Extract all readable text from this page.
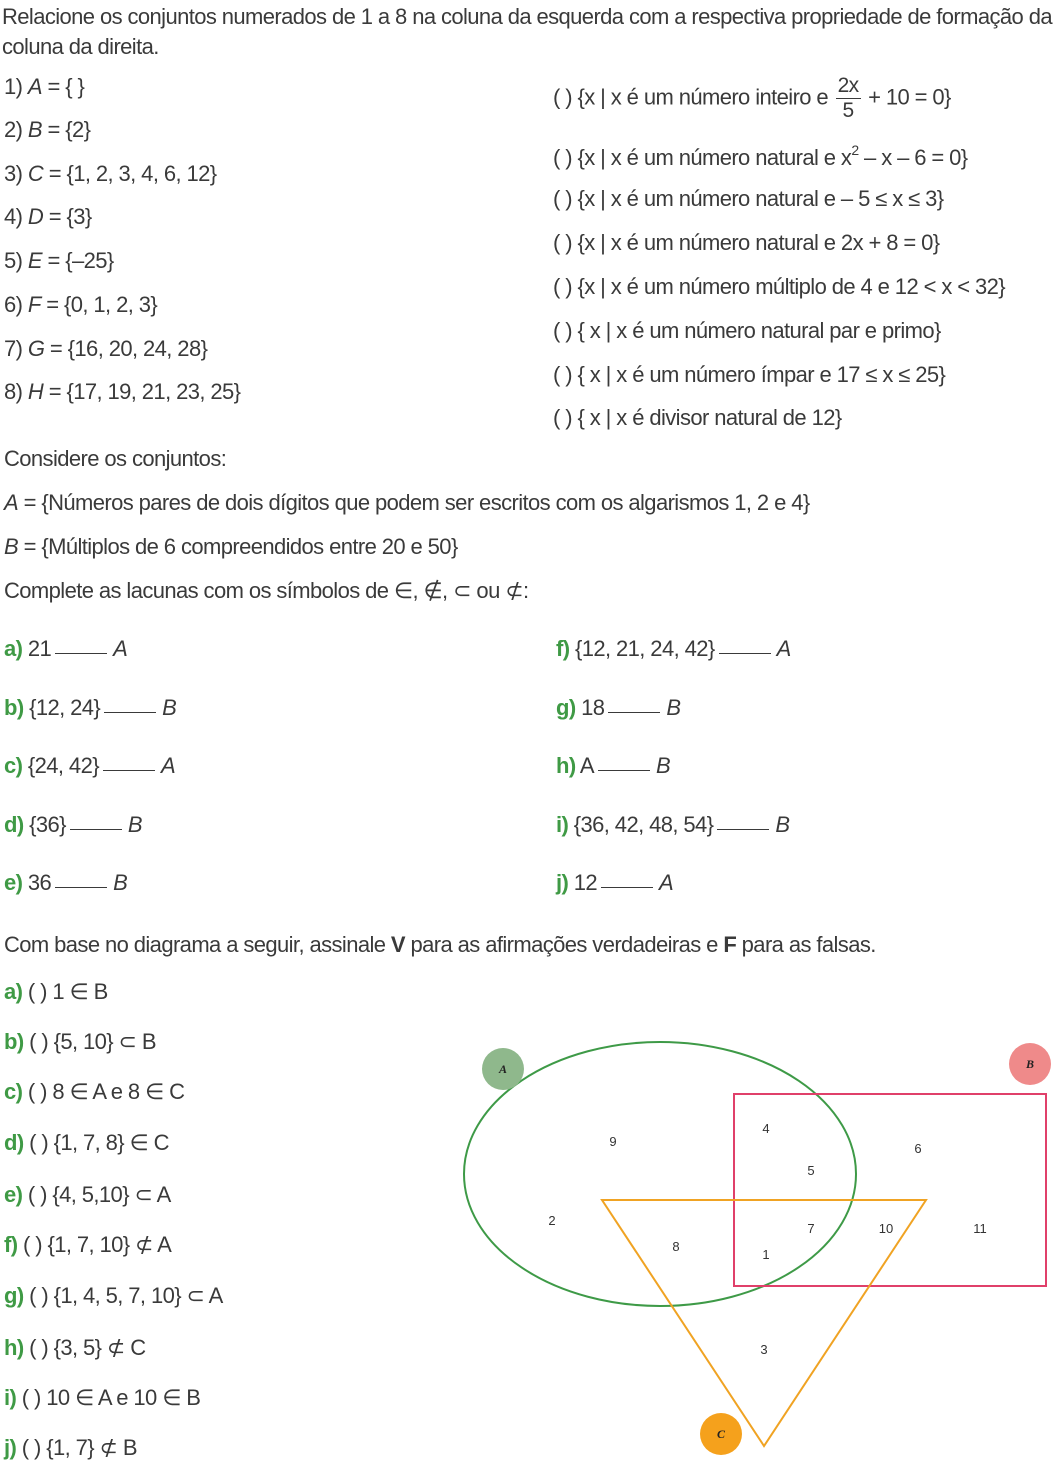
Relacione os conjuntos numerados de 1 a 8 na coluna da esquerda com a respectiva propriedade de formação da coluna da direita.
1) A = { }
2) B = {2}
3) C = {1, 2, 3, 4, 6, 12}
4) D = {3}
5) E = {–25}
6) F = {0, 1, 2, 3}
7) G = {16, 20, 24, 28}
8) H = {17, 19, 21, 23, 25}
( ) {x | x é um número inteiro e $\frac{2x}{5} + 10 = 0$}
( ) {x | x é um número natural e $x^2 - x - 6 = 0$}
( ) {x | x é um número natural e – 5 ≤ x ≤ 3}
( ) {x | x é um número natural e 2x + 8 = 0}
( ) {x | x é um número múltiplo de 4 e 12 < x < 32}
( ) { x | x é um número natural par e primo}
( ) { x | x é um número ímpar e 17 ≤ x ≤ 25}
( ) { x | x é divisor natural de 12}
Considere os conjuntos:
A = {Números pares de dois dígitos que podem ser escritos com os algarismos 1, 2 e 4}
B = {Múltiplos de 6 compreendidos entre 20 e 50}
Complete as lacunas com os símbolos de ∈, ∉, ⊂ ou ⊄:
a) 21	A
b) {12, 24}	B
c) {24, 42}	A
d) {36}	B
e) 36	B
f) {12, 21, 24, 42}	A
g) 18	B
h) A	B
i) {36, 42, 48, 54}	B
j) 12	A
Com base no diagrama a seguir, assinale V para as afirmações verdadeiras e F para as falsas.
a) ( ) 1 ∈ B
b) ( ) {5, 10} ⊂ B
c) ( ) 8 ∈ A e 8 ∈ C
d) ( ) {1, 7, 8} ∈ C
e) ( ) {4, 5,10} ⊂ A
f) ( ) {1, 7, 10} ⊄ A
g) ( ) {1, 4, 5, 7, 10} ⊂ A
h) ( ) {3, 5} ⊄ C
i) ( ) 10 ∈ A e 10 ∈ B
j) ( ) {1, 7} ⊄ B
A	B
C
9
4
6
5
2
7	10	11
8
1
3
